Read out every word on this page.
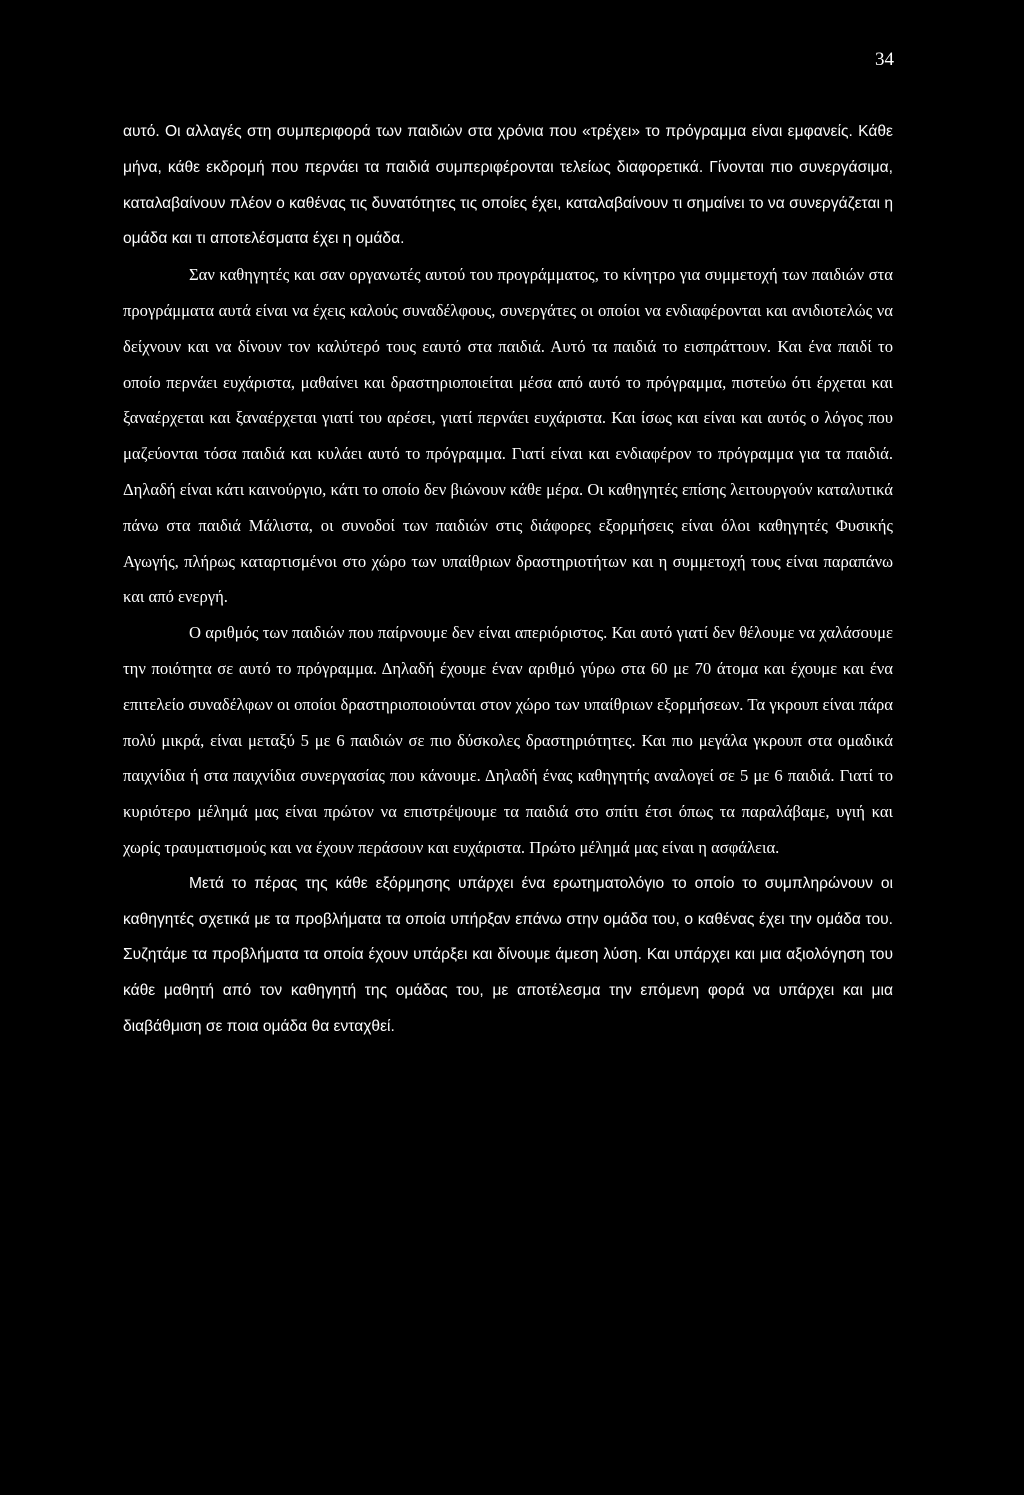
34

αυτό. Οι αλλαγές στη συμπεριφορά των παιδιών στα χρόνια που «τρέχει» το πρόγραμμα είναι εμφανείς. Κάθε μήνα, κάθε εκδρομή που περνάει τα παιδιά συμπεριφέρονται τελείως διαφορετικά. Γίνονται πιο συνεργάσιμα, καταλαβαίνουν πλέον ο καθένας τις δυνατότητες τις οποίες έχει, καταλαβαίνουν τι σημαίνει το να συνεργάζεται η ομάδα και τι αποτελέσματα έχει η ομάδα.

Σαν καθηγητές και σαν οργανωτές αυτού του προγράμματος, το κίνητρο για συμμετοχή των παιδιών στα προγράμματα αυτά είναι να έχεις καλούς συναδέλφους, συνεργάτες οι οποίοι να ενδιαφέρονται και ανιδιοτελώς να δείχνουν και να δίνουν τον καλύτερό τους εαυτό στα παιδιά. Αυτό τα παιδιά το εισπράττουν. Και ένα παιδί το οποίο περνάει ευχάριστα, μαθαίνει και δραστηριοποιείται μέσα από αυτό το πρόγραμμα, πιστεύω ότι έρχεται και ξαναέρχεται και ξαναέρχεται γιατί του αρέσει, γιατί περνάει ευχάριστα. Και ίσως και είναι και αυτός ο λόγος που μαζεύονται τόσα παιδιά και κυλάει αυτό το πρόγραμμα. Γιατί είναι και ενδιαφέρον το πρόγραμμα για τα παιδιά. Δηλαδή είναι κάτι καινούργιο, κάτι το οποίο δεν βιώνουν κάθε μέρα. Οι καθηγητές επίσης λειτουργούν καταλυτικά πάνω στα παιδιά Μάλιστα, οι συνοδοί των παιδιών στις διάφορες εξορμήσεις είναι όλοι καθηγητές Φυσικής Αγωγής, πλήρως καταρτισμένοι στο χώρο των υπαίθριων δραστηριοτήτων και η συμμετοχή τους είναι παραπάνω και από ενεργή.

Ο αριθμός των παιδιών που παίρνουμε δεν είναι απεριόριστος. Και αυτό γιατί δεν θέλουμε να χαλάσουμε την ποιότητα σε αυτό το πρόγραμμα. Δηλαδή έχουμε έναν αριθμό γύρω στα 60 με 70 άτομα και έχουμε και ένα επιτελείο συναδέλφων οι οποίοι δραστηριοποιούνται στον χώρο των υπαίθριων εξορμήσεων. Τα γκρουπ είναι πάρα πολύ μικρά, είναι μεταξύ 5 με 6 παιδιών σε πιο δύσκολες δραστηριότητες. Και πιο μεγάλα γκρουπ στα ομαδικά παιχνίδια ή στα παιχνίδια συνεργασίας που κάνουμε. Δηλαδή ένας καθηγητής αναλογεί σε 5 με 6 παιδιά. Γιατί το κυριότερο μέλημά μας είναι πρώτον να επιστρέψουμε τα παιδιά στο σπίτι έτσι όπως τα παραλάβαμε, υγιή και χωρίς τραυματισμούς και να έχουν περάσουν και ευχάριστα. Πρώτο μέλημά μας είναι η ασφάλεια.

Μετά το πέρας της κάθε εξόρμησης υπάρχει ένα ερωτηματολόγιο το οποίο το συμπληρώνουν οι καθηγητές σχετικά με τα προβλήματα τα οποία υπήρξαν επάνω στην ομάδα του, ο καθένας έχει την ομάδα του. Συζητάμε τα προβλήματα τα οποία έχουν υπάρξει και δίνουμε άμεση λύση. Και υπάρχει και μια αξιολόγηση του κάθε μαθητή από τον καθηγητή της ομάδας του, με αποτέλεσμα την επόμενη φορά να υπάρχει και μια διαβάθμιση σε ποια ομάδα θα ενταχθεί.
